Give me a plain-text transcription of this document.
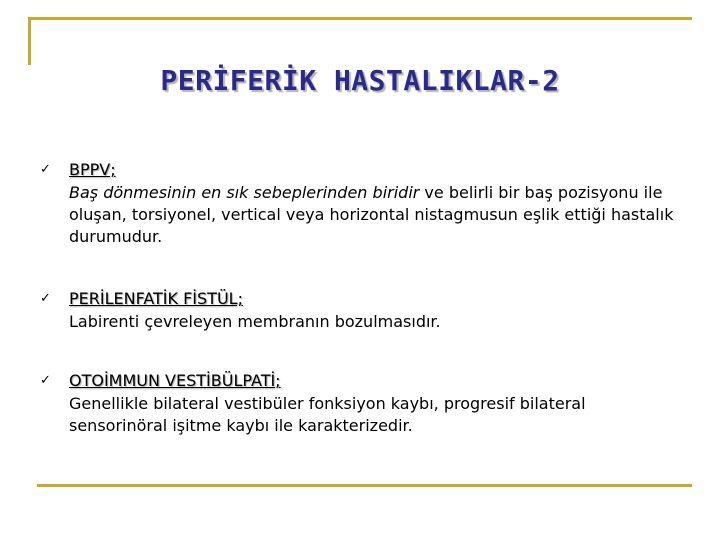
PERİFERİK HASTALIKLAR-2
✓ BPPV;
Baş dönmesinin en sık sebeplerinden biridir ve belirli bir baş pozisyonu ile oluşan, torsiyonel, vertical veya horizontal nistagmusun eşlik ettiği hastalık durumudur.
✓ PERİLENFATİK FİSTÜL;
Labirenti çevreleyen membranın bozulmasıdır.
✓ OTOİMMUN VESTİBÜLPATİ;
Genellikle bilateral vestibüler fonksiyon kaybı, progresif bilateral sensorinöral işitme kaybı ile karakterizedir.
